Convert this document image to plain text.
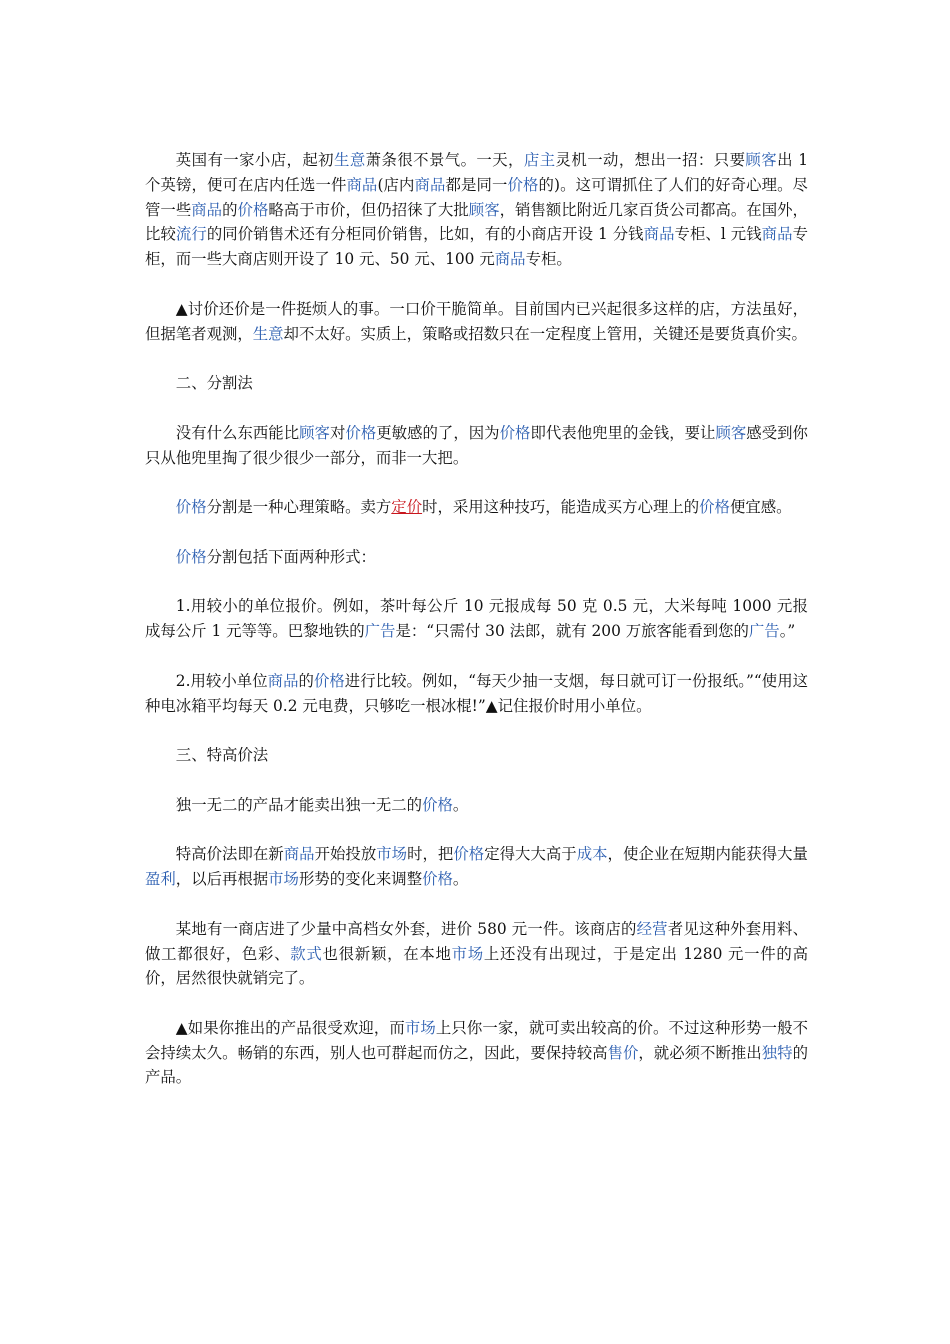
英国有一家小店，起初生意萧条很不景气。一天，店主灵机一动，想出一招：只要顾客出 1 个英镑，便可在店内任选一件商品(店内商品都是同一价格的)。这可谓抓住了人们的好奇心理。尽管一些商品的价格略高于市价，但仍招徕了大批顾客，销售额比附近几家百货公司都高。在国外，比较流行的同价销售术还有分柜同价销售，比如，有的小商店开设 1 分钱商品专柜、l 元钱商品专柜，而一些大商店则开设了 10 元、50 元、100 元商品专柜。

▲讨价还价是一件挺烦人的事。一口价干脆简单。目前国内已兴起很多这样的店，方法虽好，但据笔者观测，生意却不太好。实质上，策略或招数只在一定程度上管用，关键还是要货真价实。

二、分割法

没有什么东西能比顾客对价格更敏感的了，因为价格即代表他兜里的金钱，要让顾客感受到你只从他兜里掏了很少很少一部分，而非一大把。

价格分割是一种心理策略。卖方定价时，采用这种技巧，能造成买方心理上的价格便宜感。

价格分割包括下面两种形式：

1.用较小的单位报价。例如，茶叶每公斤 10 元报成每 50 克 0.5 元，大米每吨 1000 元报成每公斤 1 元等等。巴黎地铁的广告是：“只需付 30 法郎，就有 200 万旅客能看到您的广告。”

2.用较小单位商品的价格进行比较。例如，“每天少抽一支烟，每日就可订一份报纸。”“使用这种电冰箱平均每天 0.2 元电费，只够吃一根冰棍!”▲记住报价时用小单位。

三、特高价法

独一无二的产品才能卖出独一无二的价格。

特高价法即在新商品开始投放市场时，把价格定得大大高于成本，使企业在短期内能获得大量盈利，以后再根据市场形势的变化来调整价格。

某地有一商店进了少量中高档女外套，进价 580 元一件。该商店的经营者见这种外套用料、做工都很好，色彩、款式也很新颖，在本地市场上还没有出现过，于是定出 1280 元一件的高价，居然很快就销完了。

▲如果你推出的产品很受欢迎，而市场上只你一家，就可卖出较高的价。不过这种形势一般不会持续太久。畅销的东西，别人也可群起而仿之，因此，要保持较高售价，就必须不断推出独特的产品。
